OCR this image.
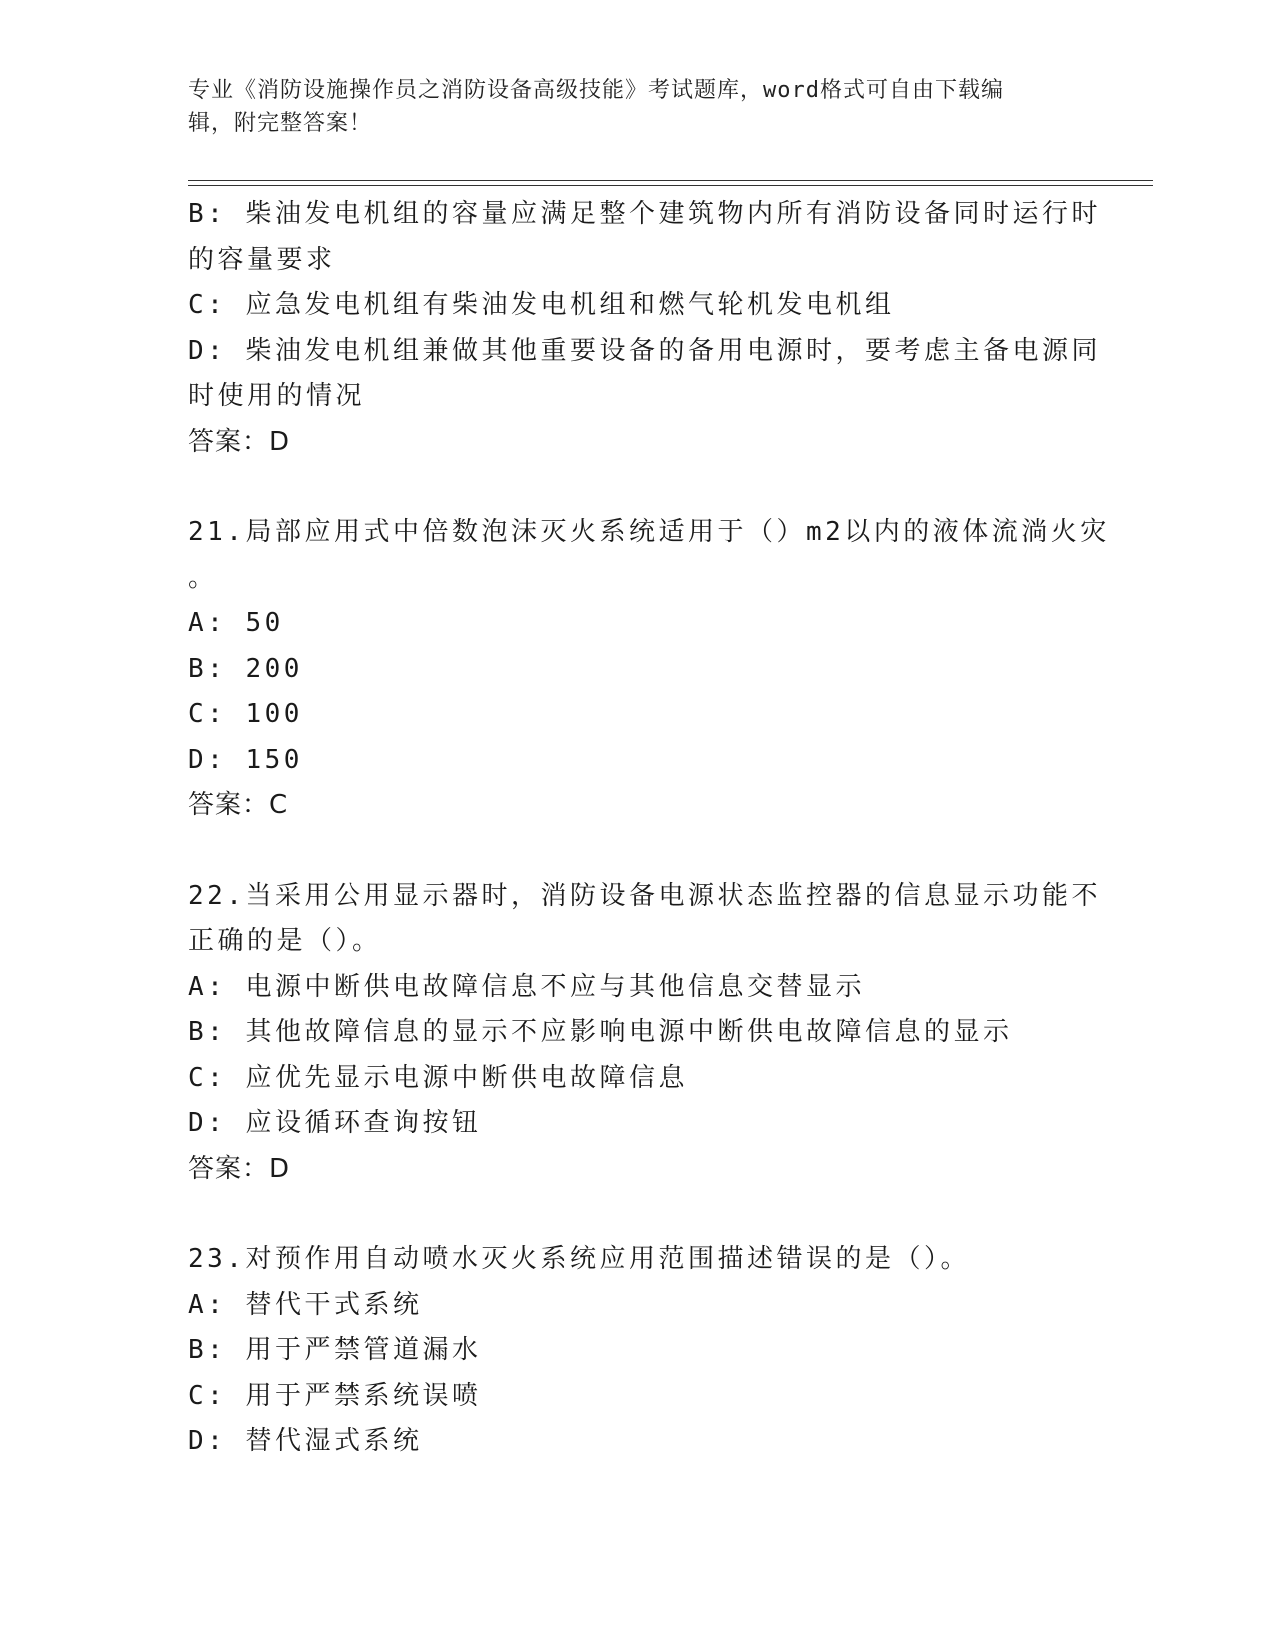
专业《消防设施操作员之消防设备高级技能》考试题库，word格式可自由下载编
辑，附完整答案！
B: 柴油发电机组的容量应满足整个建筑物内所有消防设备同时运行时
的容量要求
C: 应急发电机组有柴油发电机组和燃气轮机发电机组
D: 柴油发电机组兼做其他重要设备的备用电源时，要考虑主备电源同
时使用的情况
答案：D
21.局部应用式中倍数泡沫灭火系统适用于（）m2以内的液体流淌火灾
。
A: 50
B: 200
C: 100
D: 150
答案：C
22.当采用公用显示器时，消防设备电源状态监控器的信息显示功能不
正确的是（）。
A: 电源中断供电故障信息不应与其他信息交替显示
B: 其他故障信息的显示不应影响电源中断供电故障信息的显示
C: 应优先显示电源中断供电故障信息
D: 应设循环查询按钮
答案：D
23.对预作用自动喷水灭火系统应用范围描述错误的是（）。
A: 替代干式系统
B: 用于严禁管道漏水
C: 用于严禁系统误喷
D: 替代湿式系统
